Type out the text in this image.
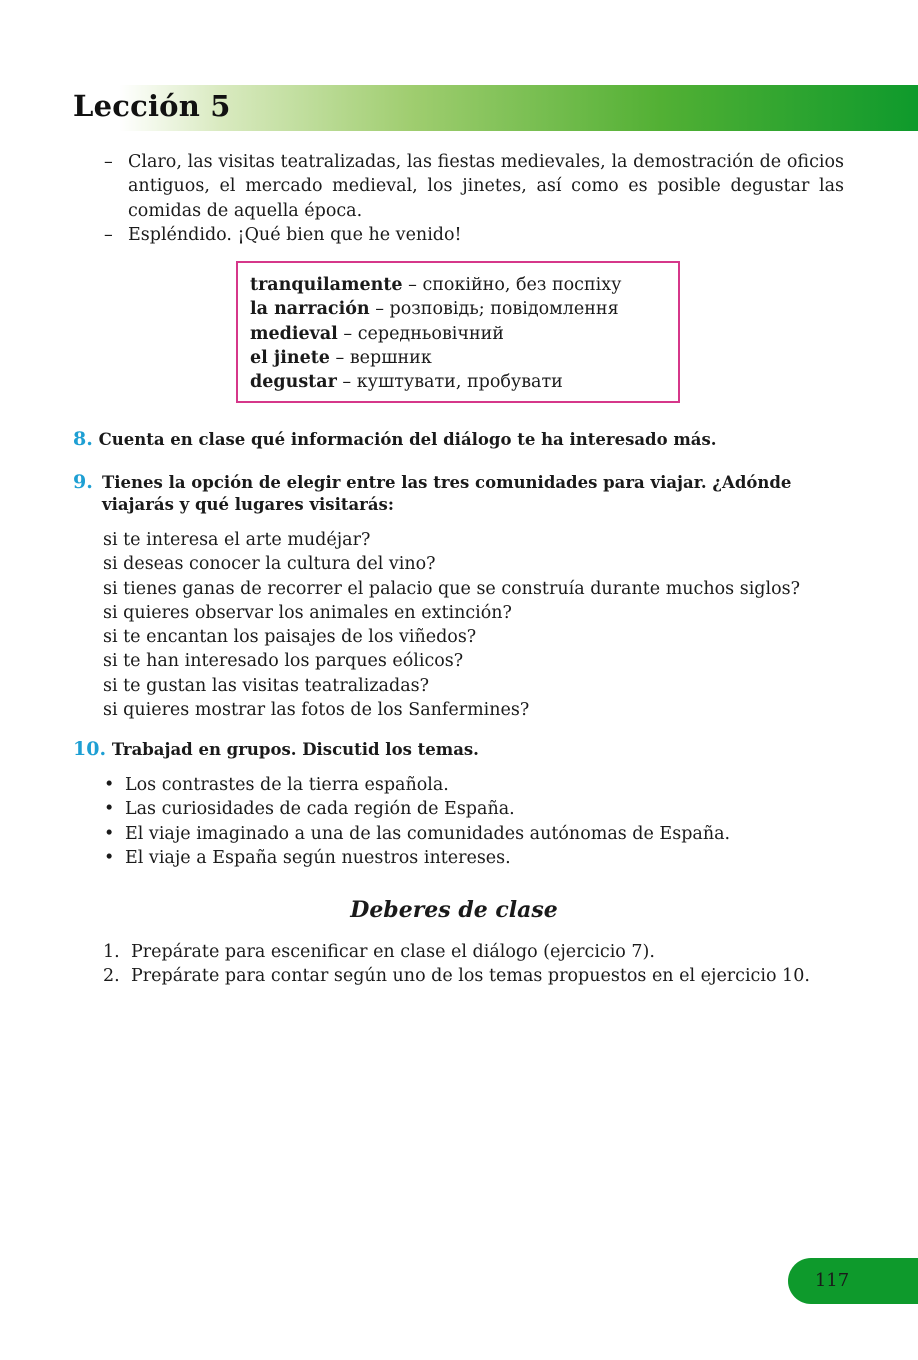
Lección 5
– Claro, las visitas teatralizadas, las fiestas medievales, la demostración de oficios antiguos, el mercado medieval, los jinetes, así como es posible degustar las comidas de aquella época.
– Espléndido. ¡Qué bien que he venido!
tranquilamente – спокійно, без поспіху
la narración – розповідь; повідомлення
medieval – середньовічний
el jinete – вершник
degustar – куштувати, пробувати
8. Cuenta en clase qué información del diálogo te ha interesado más.
9. Tienes la opción de elegir entre las tres comunidades para viajar. ¿Adónde viajarás y qué lugares visitarás:
si te interesa el arte mudéjar?
si deseas conocer la cultura del vino?
si tienes ganas de recorrer el palacio que se construía durante muchos siglos?
si quieres observar los animales en extinción?
si te encantan los paisajes de los viñedos?
si te han interesado los parques eólicos?
si te gustan las visitas teatralizadas?
si quieres mostrar las fotos de los Sanfermines?
10. Trabajad en grupos. Discutid los temas.
• Los contrastes de la tierra española.
• Las curiosidades de cada región de España.
• El viaje imaginado a una de las comunidades autónomas de España.
• El viaje a España según nuestros intereses.
Deberes de clase
1. Prepárate para escenificar en clase el diálogo (ejercicio 7).
2. Prepárate para contar según uno de los temas propuestos en el ejercicio 10.
117
